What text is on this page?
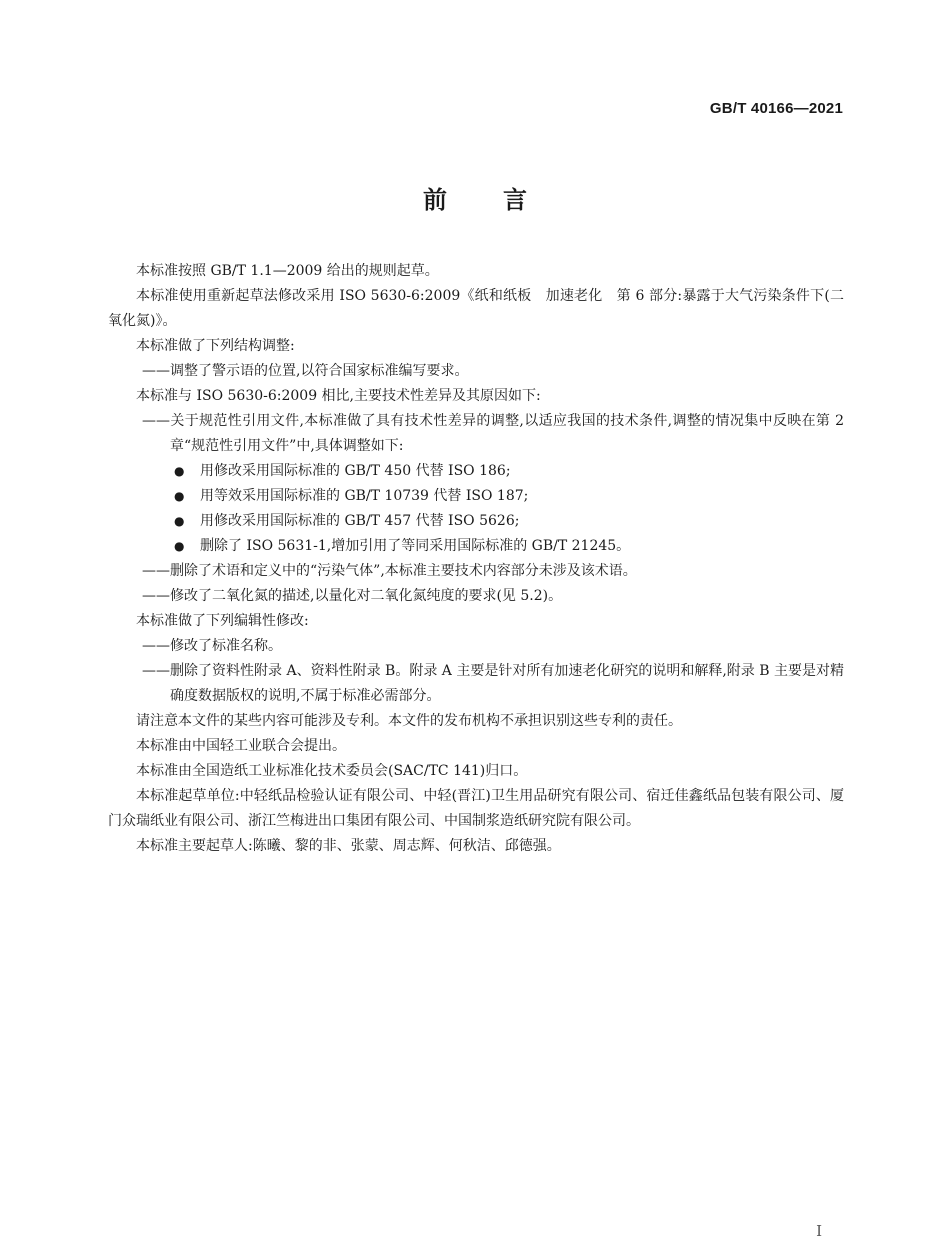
GB/T 40166—2021
前言

本标准按照 GB/T 1.1—2009 给出的规则起草。

本标准使用重新起草法修改采用 ISO 5630-6:2009《纸和纸板　加速老化　第 6 部分:暴露于大气污染条件下(二氧化氮)》。

本标准做了下列结构调整:

——调整了警示语的位置,以符合国家标准编写要求。

本标准与 ISO 5630-6:2009 相比,主要技术性差异及其原因如下:

——关于规范性引用文件,本标准做了具有技术性差异的调整,以适应我国的技术条件,调整的情况集中反映在第 2 章“规范性引用文件”中,具体调整如下:

● 用修改采用国际标准的 GB/T 450 代替 ISO 186;
● 用等效采用国际标准的 GB/T 10739 代替 ISO 187;
● 用修改采用国际标准的 GB/T 457 代替 ISO 5626;
● 删除了 ISO 5631-1,增加引用了等同采用国际标准的 GB/T 21245。

——删除了术语和定义中的“污染气体”,本标准主要技术内容部分未涉及该术语。

——修改了二氧化氮的描述,以量化对二氧化氮纯度的要求(见 5.2)。

本标准做了下列编辑性修改:

——修改了标准名称。

——删除了资料性附录 A、资料性附录 B。附录 A 主要是针对所有加速老化研究的说明和解释,附录 B 主要是对精确度数据版权的说明,不属于标准必需部分。

请注意本文件的某些内容可能涉及专利。本文件的发布机构不承担识别这些专利的责任。

本标准由中国轻工业联合会提出。

本标准由全国造纸工业标准化技术委员会(SAC/TC 141)归口。

本标准起草单位:中轻纸品检验认证有限公司、中轻(晋江)卫生用品研究有限公司、宿迁佳鑫纸品包装有限公司、厦门众瑞纸业有限公司、浙江竺梅进出口集团有限公司、中国制浆造纸研究院有限公司。

本标准主要起草人:陈曦、黎的非、张蒙、周志辉、何秋洁、邱德强。

I
